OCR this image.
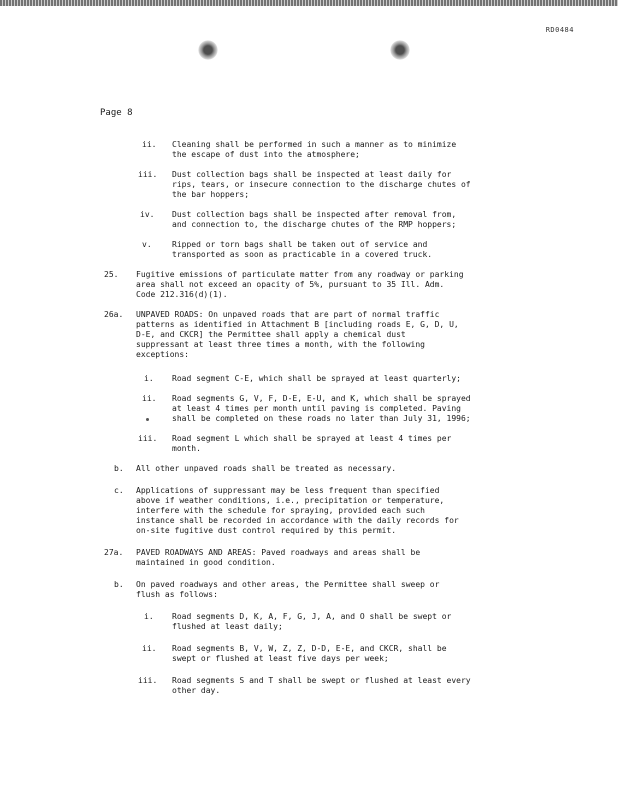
RD0484
Page 8
ii. Cleaning shall be performed in such a manner as to minimize
the escape of dust into the atmosphere;
iii. Dust collection bags shall be inspected at least daily for
rips, tears, or insecure connection to the discharge chutes of
the bar hoppers;
iv. Dust collection bags shall be inspected after removal from,
and connection to, the discharge chutes of the RMP hoppers;
v.	Ripped or torn bags shall be taken out of service and
transported as soon as practicable in a covered truck.
25. Fugitive emissions of particulate matter from any roadway or parking
area shall not exceed an opacity of 5%, pursuant to 35 Ill. Adm.
Code 212.316(d)(1).
26a. UNPAVED ROADS: On unpaved roads that are part of normal traffic
patterns as identified in Attachment B [including roads E, G, D, U,
D-E, and CKCR] the Permittee shall apply a chemical dust
suppressant at least three times a month, with the following
exceptions:
i. Road segment C-E, which shall be sprayed at least quarterly;
ii. Road segments G, V, F, D-E, E-U, and K, which shall be sprayed
at least 4 times per month until paving is completed. Paving
shall be completed on these roads no later than July 31, 1996;
iii. Road segment L which shall be sprayed at least 4 times per
month.
b. All other unpaved roads shall be treated as necessary.
c. Applications of suppressant may be less frequent than specified
above if weather conditions, i.e., precipitation or temperature,
interfere with the schedule for spraying, provided each such
instance shall be recorded in accordance with the daily records for
on-site fugitive dust control required by this permit.
27a. PAVED ROADWAYS AND AREAS: Paved roadways and areas shall be
maintained in good condition.
b. On paved roadways and other areas, the Permittee shall sweep or
flush as follows:
i. Road segments D, K, A, F, G, J, A, and O shall be swept or
flushed at least daily;
ii. Road segments B, V, W, Z, Z, D-D, E-E, and CKCR, shall be
swept or flushed at least five days per week;
iii. Road segments S and T shall be swept or flushed at least every
other day.
